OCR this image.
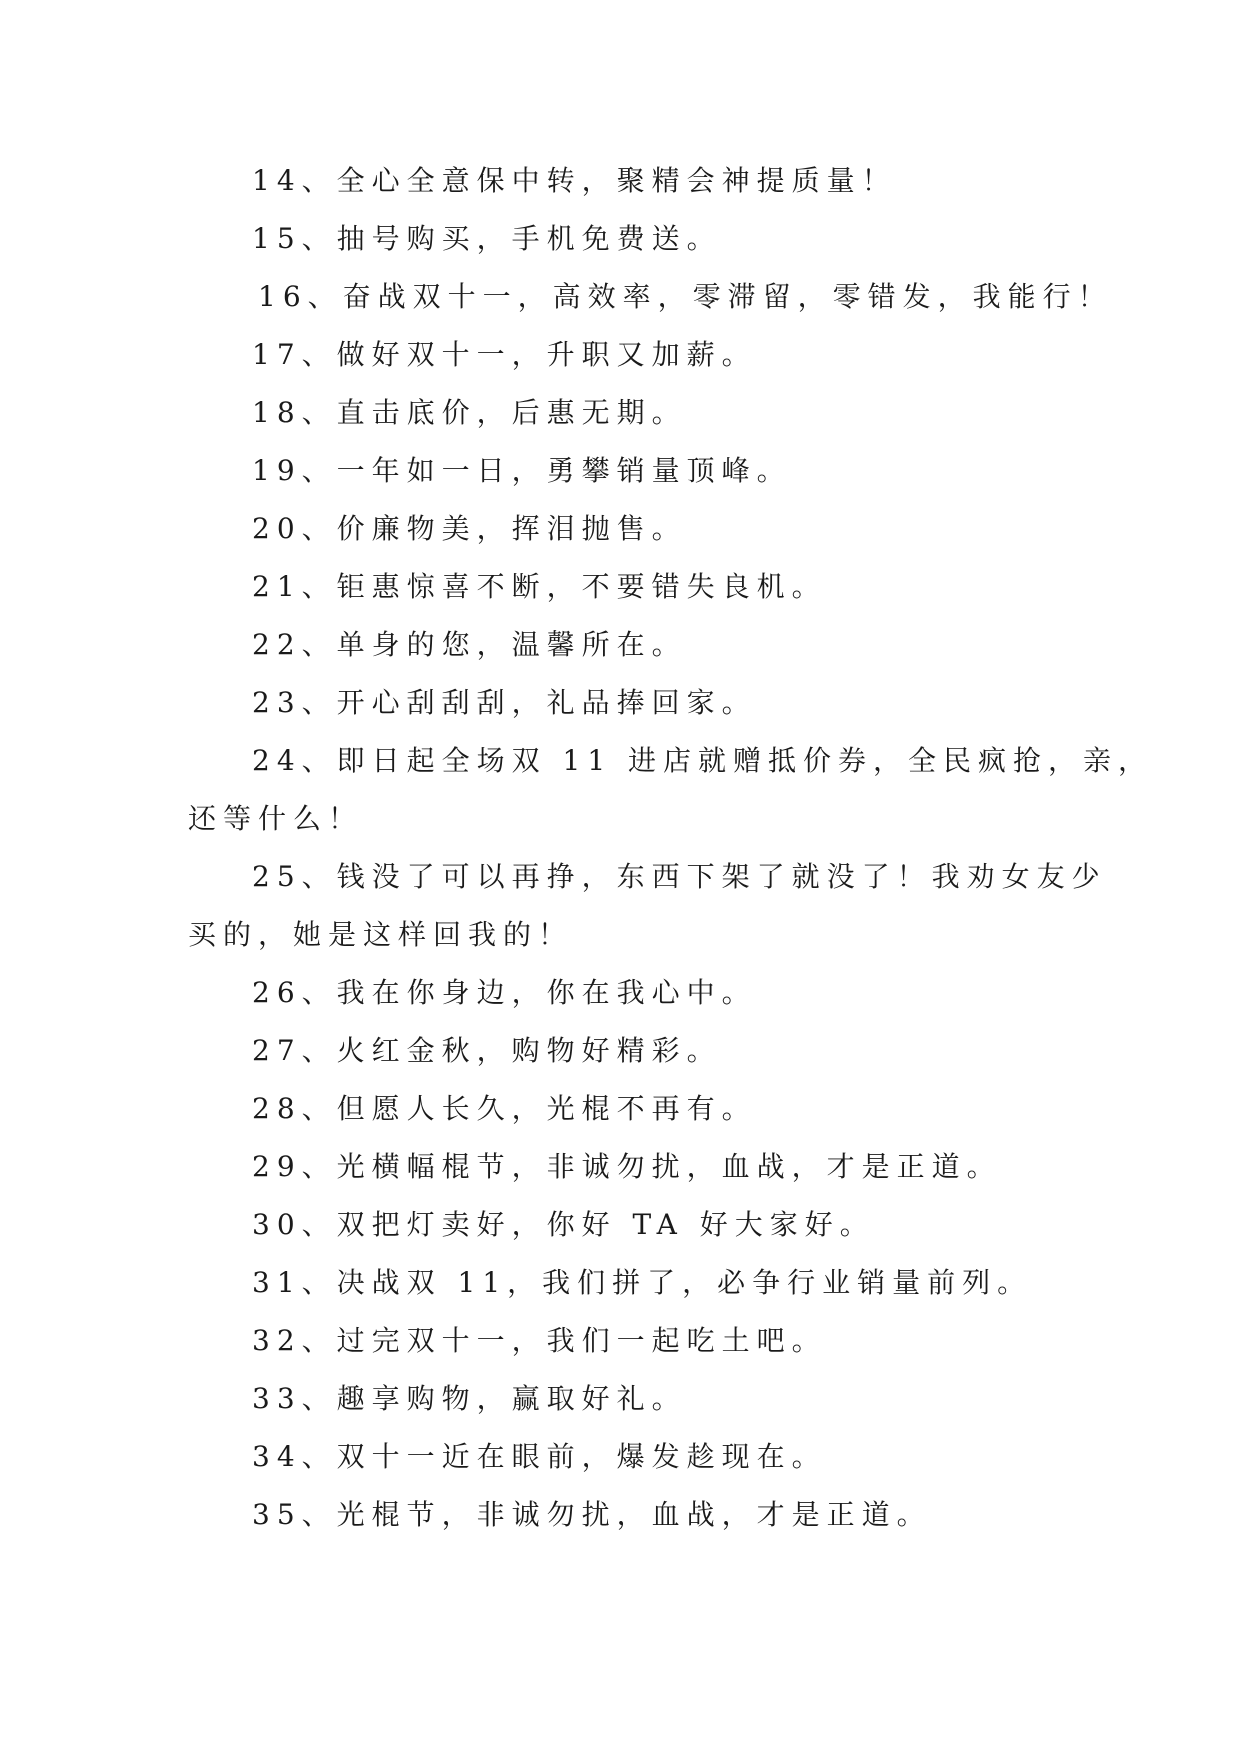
14、全心全意保中转，聚精会神提质量！
15、抽号购买，手机免费送。
16、奋战双十一，高效率，零滞留，零错发，我能行！
17、做好双十一，升职又加薪。
18、直击底价，后惠无期。
19、一年如一日，勇攀销量顶峰。
20、价廉物美，挥泪抛售。
21、钜惠惊喜不断，不要错失良机。
22、单身的您，温馨所在。
23、开心刮刮刮，礼品捧回家。
24、即日起全场双 11 进店就赠抵价券，全民疯抢，亲，
还等什么！
25、钱没了可以再挣，东西下架了就没了！我劝女友少
买的，她是这样回我的！
26、我在你身边，你在我心中。
27、火红金秋，购物好精彩。
28、但愿人长久，光棍不再有。
29、光横幅棍节，非诚勿扰，血战，才是正道。
30、双把灯卖好，你好 TA 好大家好。
31、决战双 11，我们拼了，必争行业销量前列。
32、过完双十一，我们一起吃土吧。
33、趣享购物，赢取好礼。
34、双十一近在眼前，爆发趁现在。
35、光棍节，非诚勿扰，血战，才是正道。
